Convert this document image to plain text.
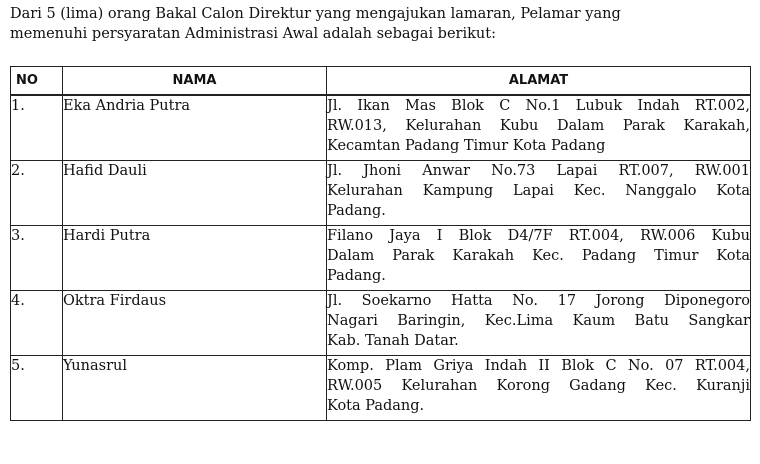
Dari 5 (lima) orang Bakal Calon Direktur yang mengajukan lamaran, Pelamar yang
memenuhi persyaratan Administrasi Awal adalah sebagai berikut:
NO	NAMA	ALAMAT
1.	Eka Andria Putra	Jl. Ikan Mas Blok C No.1 Lubuk Indah RT.002,
RW.013, Kelurahan Kubu Dalam Parak Karakah,
Kecamtan Padang Timur Kota Padang

2.	Hafid Dauli	Jl. Jhoni Anwar No.73 Lapai RT.007, RW.001
Kelurahan Kampung Lapai Kec. Nanggalo Kota
Padang.

3.	Hardi Putra	Filano Jaya I Blok D4/7F RT.004, RW.006 Kubu
Dalam Parak Karakah Kec. Padang Timur Kota
Padang.

4.	Oktra Firdaus	Jl. Soekarno Hatta No. 17 Jorong Diponegoro
Nagari Baringin, Kec.Lima Kaum Batu Sangkar
Kab. Tanah Datar.

5.	Yunasrul	Komp. Plam Griya Indah II Blok C No. 07 RT.004,
RW.005 Kelurahan Korong Gadang Kec. Kuranji
Kota Padang.
